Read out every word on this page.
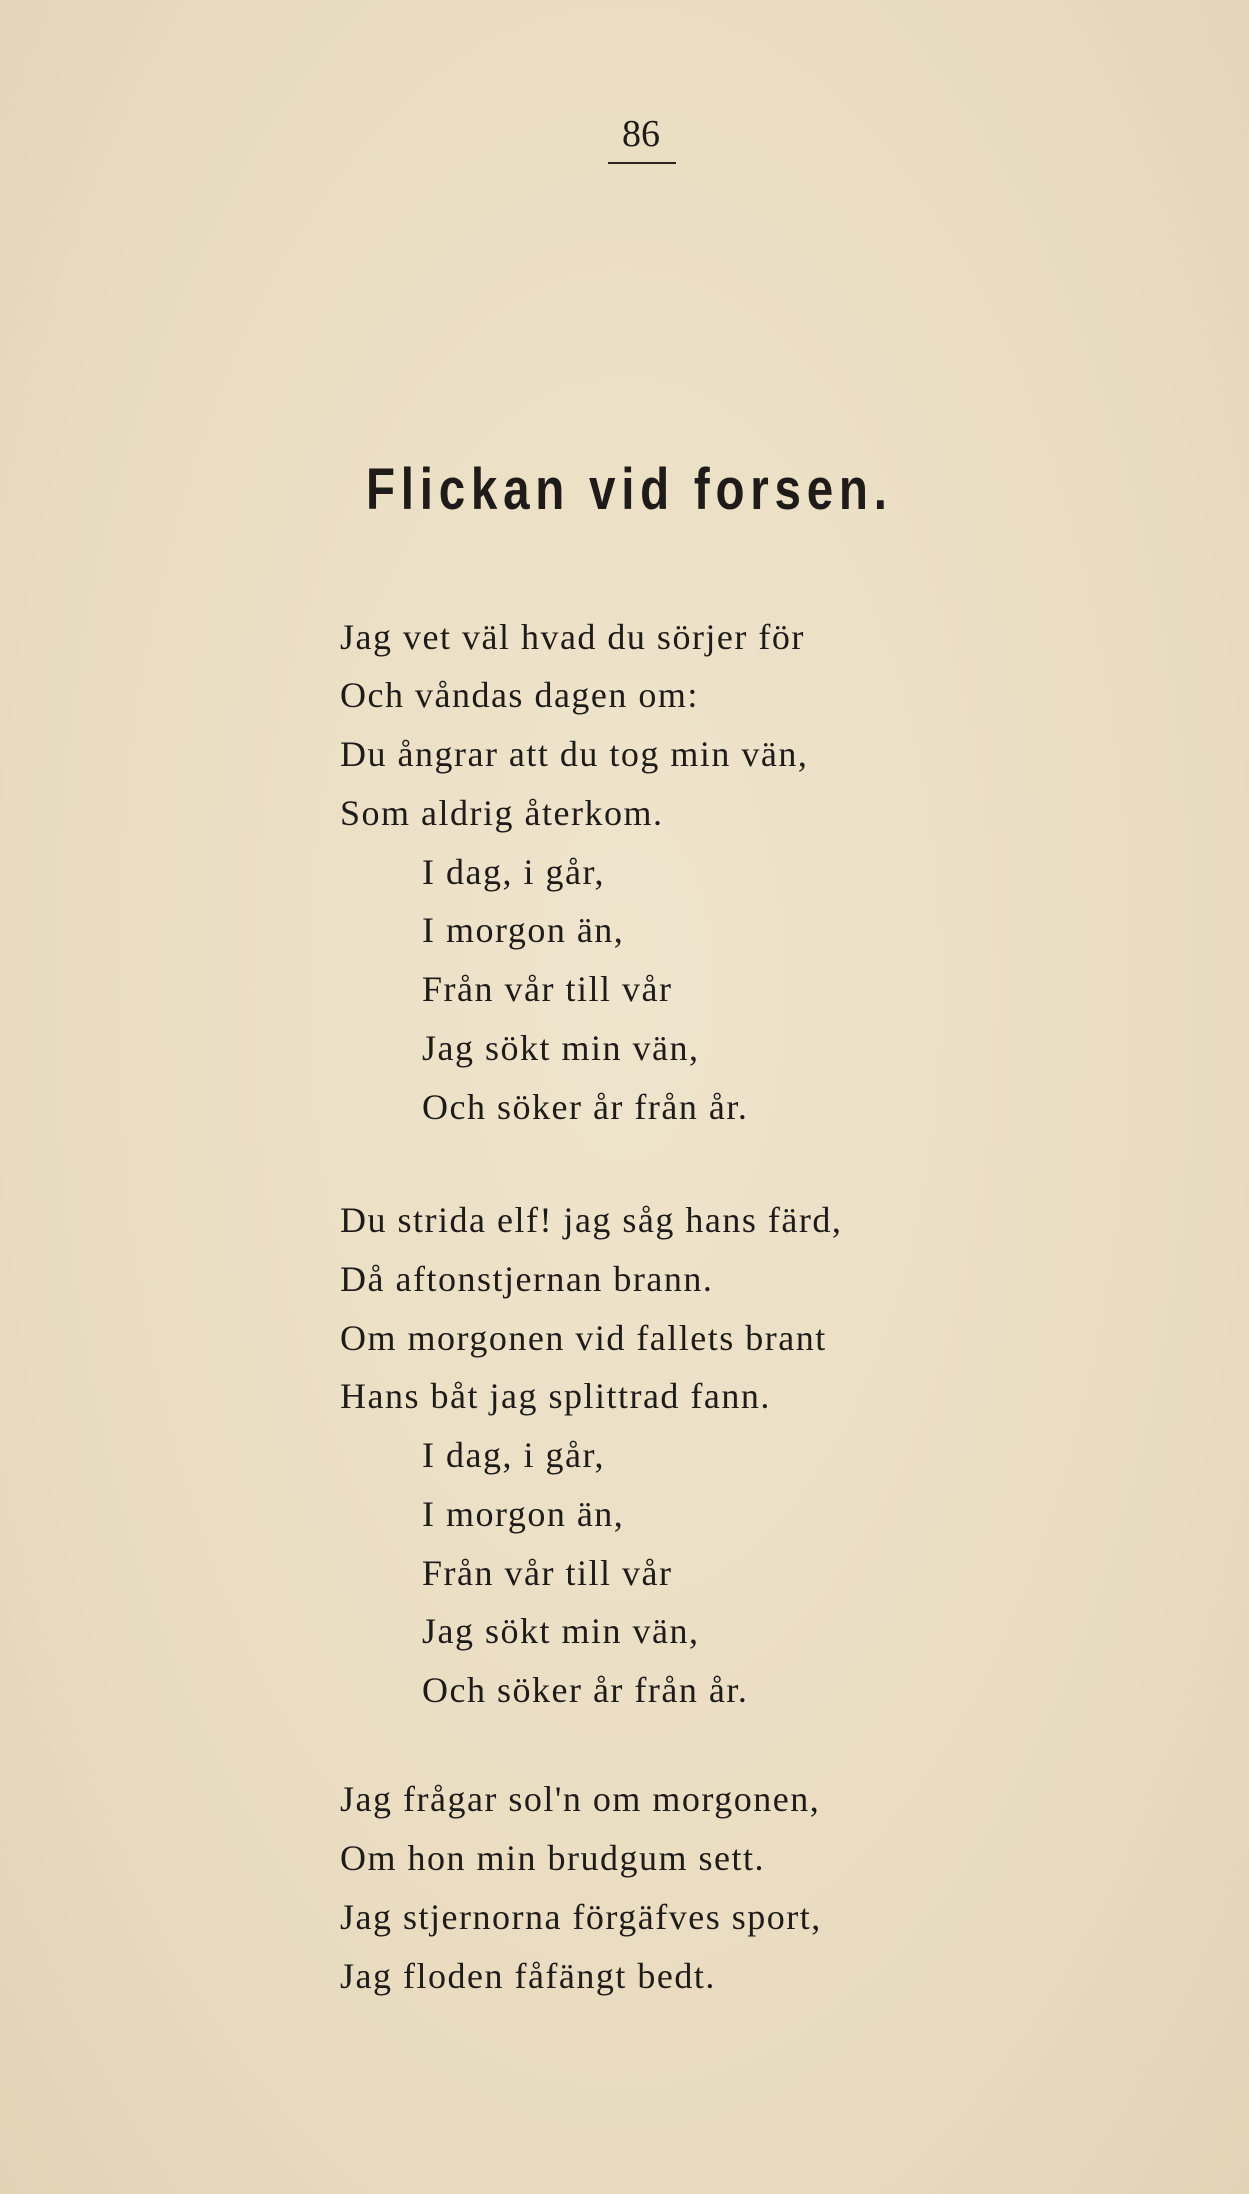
86
Flickan vid forsen.
Jag vet väl hvad du sörjer för
Och våndas dagen om:
Du ångrar att du tog min vän,
Som aldrig återkom.
I dag, i går,
I morgon än,
Från vår till vår
Jag sökt min vän,
Och söker år från år.
Du strida elf! jag såg hans färd,
Då aftonstjernan brann.
Om morgonen vid fallets brant
Hans båt jag splittrad fann.
I dag, i går,
I morgon än,
Från vår till vår
Jag sökt min vän,
Och söker år från år.
Jag frågar sol'n om morgonen,
Om hon min brudgum sett.
Jag stjernorna förgäfves sport,
Jag floden fåfängt bedt.
